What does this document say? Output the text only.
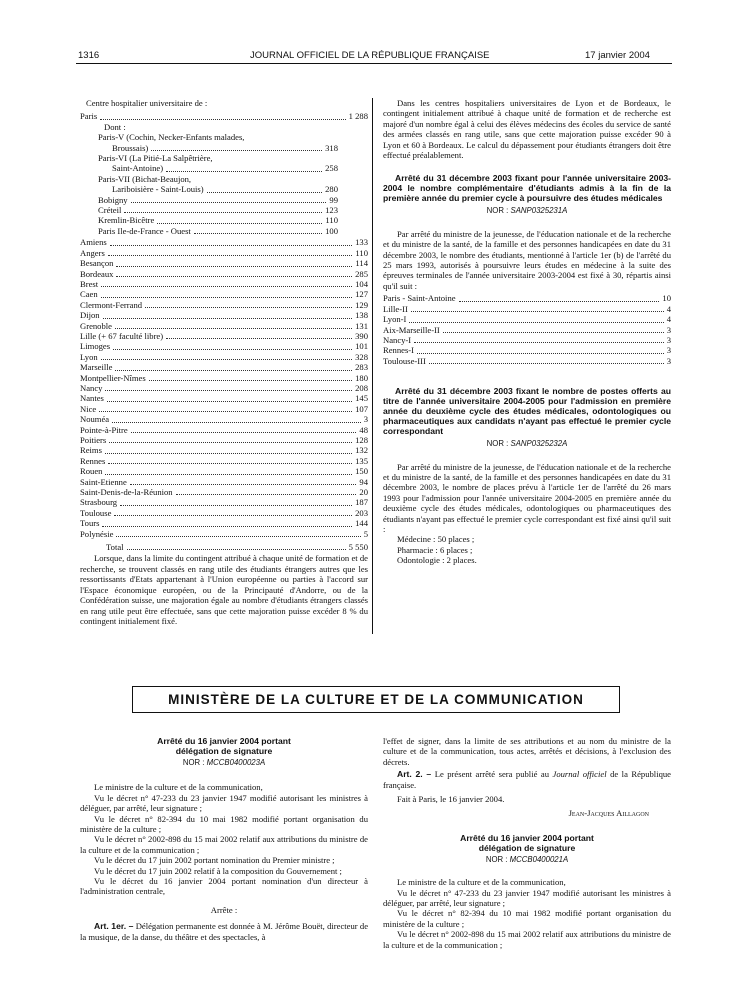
1316	JOURNAL OFFICIEL DE LA RÉPUBLIQUE FRANÇAISE	17 janvier 2004
Centre hospitalier universitaire de :
Paris	1 288
Dont :
Paris-V (Cochin, Necker-Enfants malades,
Broussais)	318
Paris-VI (La Pitié-La Salpêtrière,
Saint-Antoine)	258
Paris-VII (Bichat-Beaujon,
Lariboisière - Saint-Louis)	280
Bobigny	99
Créteil	123
Kremlin-Bicêtre	110
Paris Ile-de-France - Ouest	100
Amiens	133
Angers	110
Besançon	114
Bordeaux	285
Brest	104
Caen	127
Clermont-Ferrand	129
Dijon	138
Grenoble	131
Lille (+ 67 faculté libre)	390
Limoges	101
Lyon	328
Marseille	283
Montpellier-Nîmes	180
Nancy	208
Nantes	145
Nice	107
Nouméa	3
Pointe-à-Pitre	48
Poitiers	128
Reims	132
Rennes	135
Rouen	150
Saint-Etienne	94
Saint-Denis-de-la-Réunion	20
Strasbourg	187
Toulouse	203
Tours	144
Polynésie	5
Total	5 550
Lorsque, dans la limite du contingent attribué à chaque unité de formation et de recherche, se trouvent classés en rang utile des étudiants étrangers autres que les ressortissants d'Etats appartenant à l'Union européenne ou parties à l'accord sur l'Espace économique européen, ou de la Principauté d'Andorre, ou de la Confédération suisse, une majoration égale au nombre d'étudiants étrangers classés en rang utile peut être effectuée, sans que cette majoration puisse excéder 8 % du contingent initialement fixé.
Dans les centres hospitaliers universitaires de Lyon et de Bordeaux, le contingent initialement attribué à chaque unité de formation et de recherche est majoré d'un nombre égal à celui des élèves médecins des écoles du service de santé des armées classés en rang utile, sans que cette majoration puisse excéder 90 à Lyon et 60 à Bordeaux. Le calcul du dépassement pour étudiants étrangers doit être effectué préalablement.
Arrêté du 31 décembre 2003 fixant pour l'année universitaire 2003-2004 le nombre complémentaire d'étudiants admis à la fin de la première année du premier cycle à poursuivre des études médicales
NOR : SANP0325231A
Par arrêté du ministre de la jeunesse, de l'éducation nationale et de la recherche et du ministre de la santé, de la famille et des personnes handicapées en date du 31 décembre 2003, le nombre des étudiants, mentionné à l'article 1er (b) de l'arrêté du 25 mars 1993, autorisés à poursuivre leurs études en médecine à la suite des épreuves terminales de l'année universitaire 2003-2004 est fixé à 30, répartis ainsi qu'il suit :
Paris - Saint-Antoine	10
Lille-II	4
Lyon-I	4
Aix-Marseille-II	3
Nancy-I	3
Rennes-I	3
Toulouse-III	3
Arrêté du 31 décembre 2003 fixant le nombre de postes offerts au titre de l'année universitaire 2004-2005 pour l'admission en première année du deuxième cycle des études médicales, odontologiques ou pharmaceutiques aux candidats n'ayant pas effectué le premier cycle correspondant
NOR : SANP0325232A
Par arrêté du ministre de la jeunesse, de l'éducation nationale et de la recherche et du ministre de la santé, de la famille et des personnes handicapées en date du 31 décembre 2003, le nombre de places prévu à l'article 1er de l'arrêté du 26 mars 1993 pour l'admission pour l'année universitaire 2004-2005 en première année du deuxième cycle des études médicales, odontologiques ou pharmaceutiques des étudiants n'ayant pas effectué le premier cycle correspondant est fixé ainsi qu'il suit :
Médecine : 50 places ;
Pharmacie : 6 places ;
Odontologie : 2 places.
MINISTÈRE DE LA CULTURE ET DE LA COMMUNICATION
Arrêté du 16 janvier 2004 portant délégation de signature
NOR : MCCB0400023A
Le ministre de la culture et de la communication,
Vu le décret n° 47-233 du 23 janvier 1947 modifié autorisant les ministres à déléguer, par arrêté, leur signature ;
Vu le décret n° 82-394 du 10 mai 1982 modifié portant organisation du ministère de la culture ;
Vu le décret n° 2002-898 du 15 mai 2002 relatif aux attributions du ministre de la culture et de la communication ;
Vu le décret du 17 juin 2002 portant nomination du Premier ministre ;
Vu le décret du 17 juin 2002 relatif à la composition du Gouvernement ;
Vu le décret du 16 janvier 2004 portant nomination d'un directeur à l'administration centrale,
Arrête :
Art. 1er. – Délégation permanente est donnée à M. Jérôme Bouët, directeur de la musique, de la danse, du théâtre et des spectacles, à
l'effet de signer, dans la limite de ses attributions et au nom du ministre de la culture et de la communication, tous actes, arrêtés et décisions, à l'exclusion des décrets.
Art. 2. – Le présent arrêté sera publié au Journal officiel de la République française.
Fait à Paris, le 16 janvier 2004.
Jean-Jacques Aillagon
Arrêté du 16 janvier 2004 portant délégation de signature
NOR : MCCB0400021A
Le ministre de la culture et de la communication,
Vu le décret n° 47-233 du 23 janvier 1947 modifié autorisant les ministres à déléguer, par arrêté, leur signature ;
Vu le décret n° 82-394 du 10 mai 1982 modifié portant organisation du ministère de la culture ;
Vu le décret n° 2002-898 du 15 mai 2002 relatif aux attributions du ministre de la culture et de la communication ;
